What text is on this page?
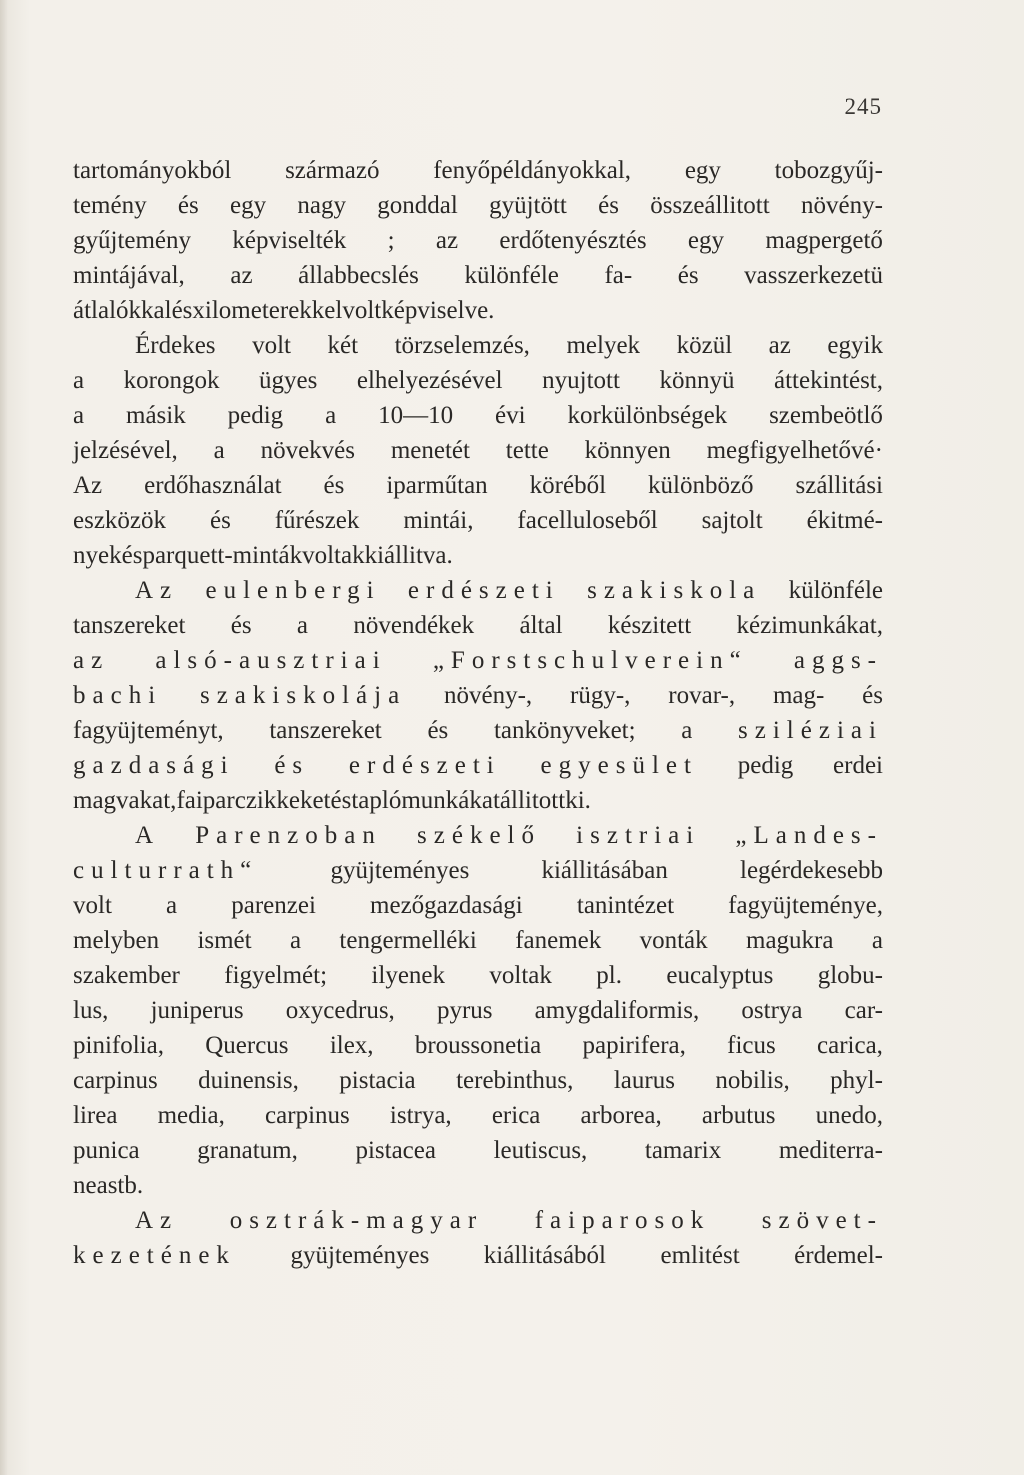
245
tartományokból származó fenyőpéldányokkal, egy tobozgyűj-
temény és egy nagy gonddal gyüjtött és összeállitott növény-
gyűjtemény képviselték ; az erdőtenyésztés egy magpergető
mintájával, az állabbecslés különféle fa- és vasszerkezetü
átlalókkal és xilometerekkel volt képviselve.
Érdekes volt két törzselemzés, melyek közül az egyik
a korongok ügyes elhelyezésével nyujtott könnyü áttekintést,
a másik pedig a 10—10 évi korkülönbségek szembeötlő
jelzésével, a növekvés menetét tette könnyen megfigyelhetővé·
Az erdőhasználat és iparműtan köréből különböző szállitási
eszközök és fűrészek mintái, facelluloseből sajtolt ékitmé-
nyek és parquett-minták voltak kiállitva.
Az eulenbergi erdészeti szakiskola különféle
tanszereket és a növendékek által készitett kézimunkákat,
az alsó-ausztriai „Forstschulverein“ aggs-
bachi szakiskolája növény-, rügy-, rovar-, mag- és
fagyüjteményt, tanszereket és tankönyveket; a sziléziai
gazdasági és erdészeti egyesület pedig erdei
magvakat, faiparczikkeket és taplómunkákat állitott ki.
A Parenzoban székelő isztriai „Landes-
culturrath“	gyüjteményes	kiállitásában	legérdekesebb
volt a parenzei mezőgazdasági tanintézet fagyüjteménye,
melyben ismét a tengermelléki fanemek vonták magukra a
szakember figyelmét; ilyenek voltak pl. eucalyptus globu-
lus, juniperus oxycedrus, pyrus amygdaliformis, ostrya car-
pinifolia, Quercus ilex, broussonetia papirifera, ficus carica,
carpinus duinensis, pistacia terebinthus, laurus nobilis, phyl-
lirea media, carpinus istrya, erica arborea, arbutus unedo,
punica granatum, pistacea leutiscus, tamarix mediterra-
nea stb.
Az osztrák-magyar faiparosok szövet-
kezetének gyüjteményes kiállitásából emlitést érdemel-
